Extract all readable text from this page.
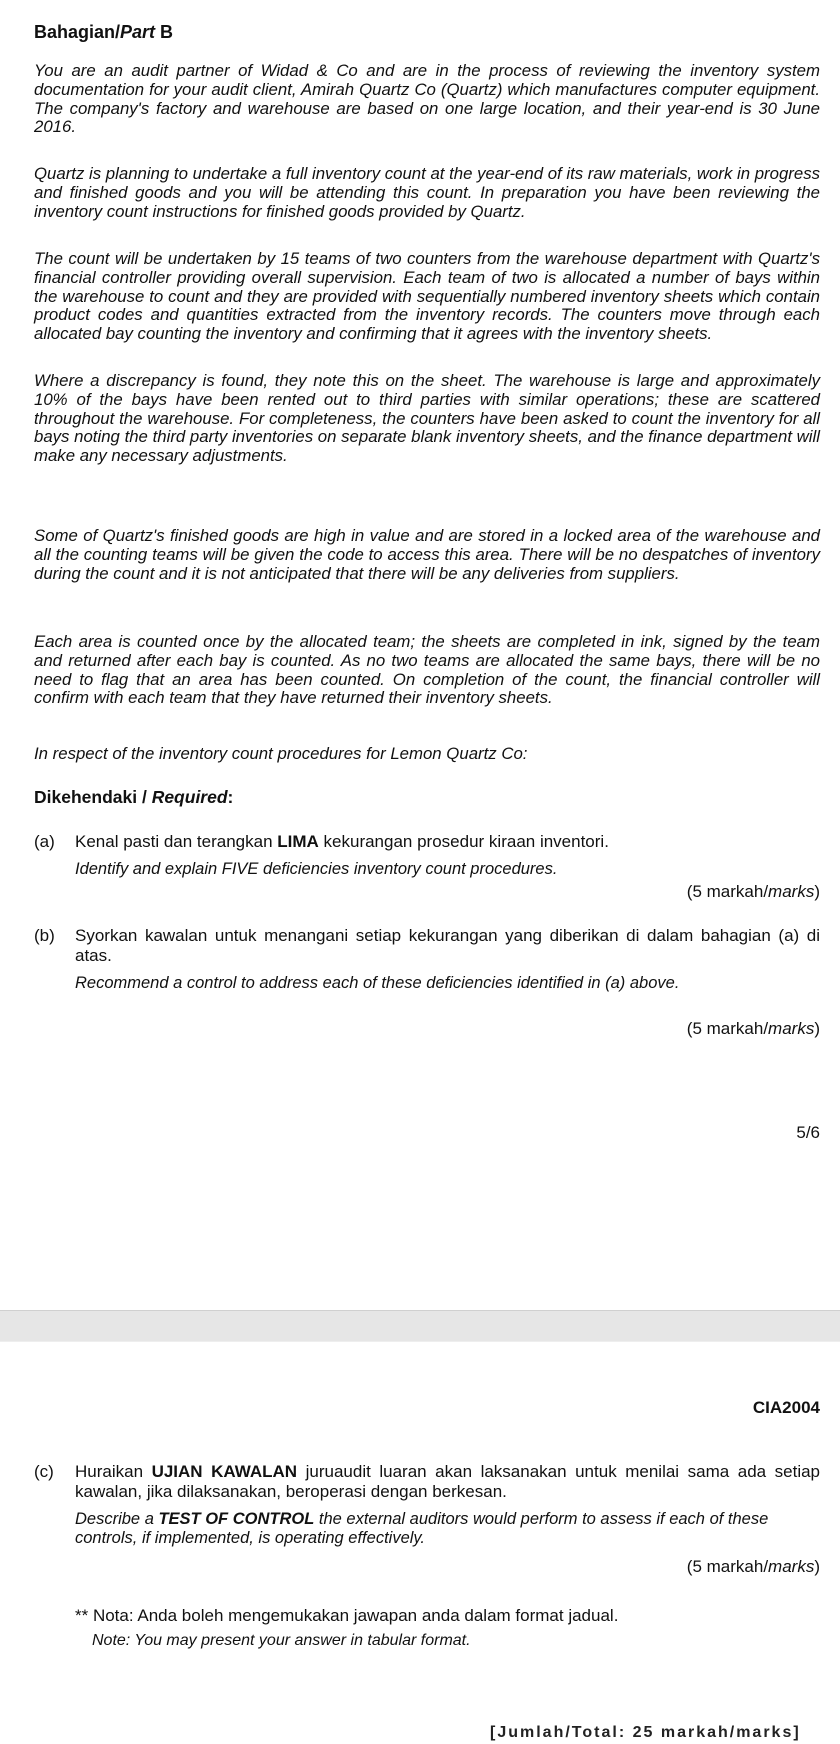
Bahagian/Part B
You are an audit partner of Widad & Co and are in the process of reviewing the inventory system documentation for your audit client, Amirah Quartz Co (Quartz) which manufactures computer equipment. The company's factory and warehouse are based on one large location, and their year-end is 30 June 2016.
Quartz is planning to undertake a full inventory count at the year-end of its raw materials, work in progress and finished goods and you will be attending this count. In preparation you have been reviewing the inventory count instructions for finished goods provided by Quartz.
The count will be undertaken by 15 teams of two counters from the warehouse department with Quartz's financial controller providing overall supervision. Each team of two is allocated a number of bays within the warehouse to count and they are provided with sequentially numbered inventory sheets which contain product codes and quantities extracted from the inventory records. The counters move through each allocated bay counting the inventory and confirming that it agrees with the inventory sheets.
Where a discrepancy is found, they note this on the sheet. The warehouse is large and approximately 10% of the bays have been rented out to third parties with similar operations; these are scattered throughout the warehouse. For completeness, the counters have been asked to count the inventory for all bays noting the third party inventories on separate blank inventory sheets, and the finance department will make any necessary adjustments.
Some of Quartz's finished goods are high in value and are stored in a locked area of the warehouse and all the counting teams will be given the code to access this area. There will be no despatches of inventory during the count and it is not anticipated that there will be any deliveries from suppliers.
Each area is counted once by the allocated team; the sheets are completed in ink, signed by the team and returned after each bay is counted. As no two teams are allocated the same bays, there will be no need to flag that an area has been counted. On completion of the count, the financial controller will confirm with each team that they have returned their inventory sheets.
In respect of the inventory count procedures for Lemon Quartz Co:
Dikehendaki / Required:
(a) Kenal pasti dan terangkan LIMA kekurangan prosedur kiraan inventori.
Identify and explain FIVE deficiencies inventory count procedures.
(5 markah/marks)
(b) Syorkan kawalan untuk menangani setiap kekurangan yang diberikan di dalam bahagian (a) di atas.
Recommend a control to address each of these deficiencies identified in (a) above.
(5 markah/marks)
5/6
CIA2004
(c) Huraikan UJIAN KAWALAN juruaudit luaran akan laksanakan untuk menilai sama ada setiap kawalan, jika dilaksanakan, beroperasi dengan berkesan.
Describe a TEST OF CONTROL the external auditors would perform to assess if each of these controls, if implemented, is operating effectively.
(5 markah/marks)
** Nota: Anda boleh mengemukakan jawapan anda dalam format jadual.
Note: You may present your answer in tabular format.
[Jumlah/Total: 25 markah/marks]
